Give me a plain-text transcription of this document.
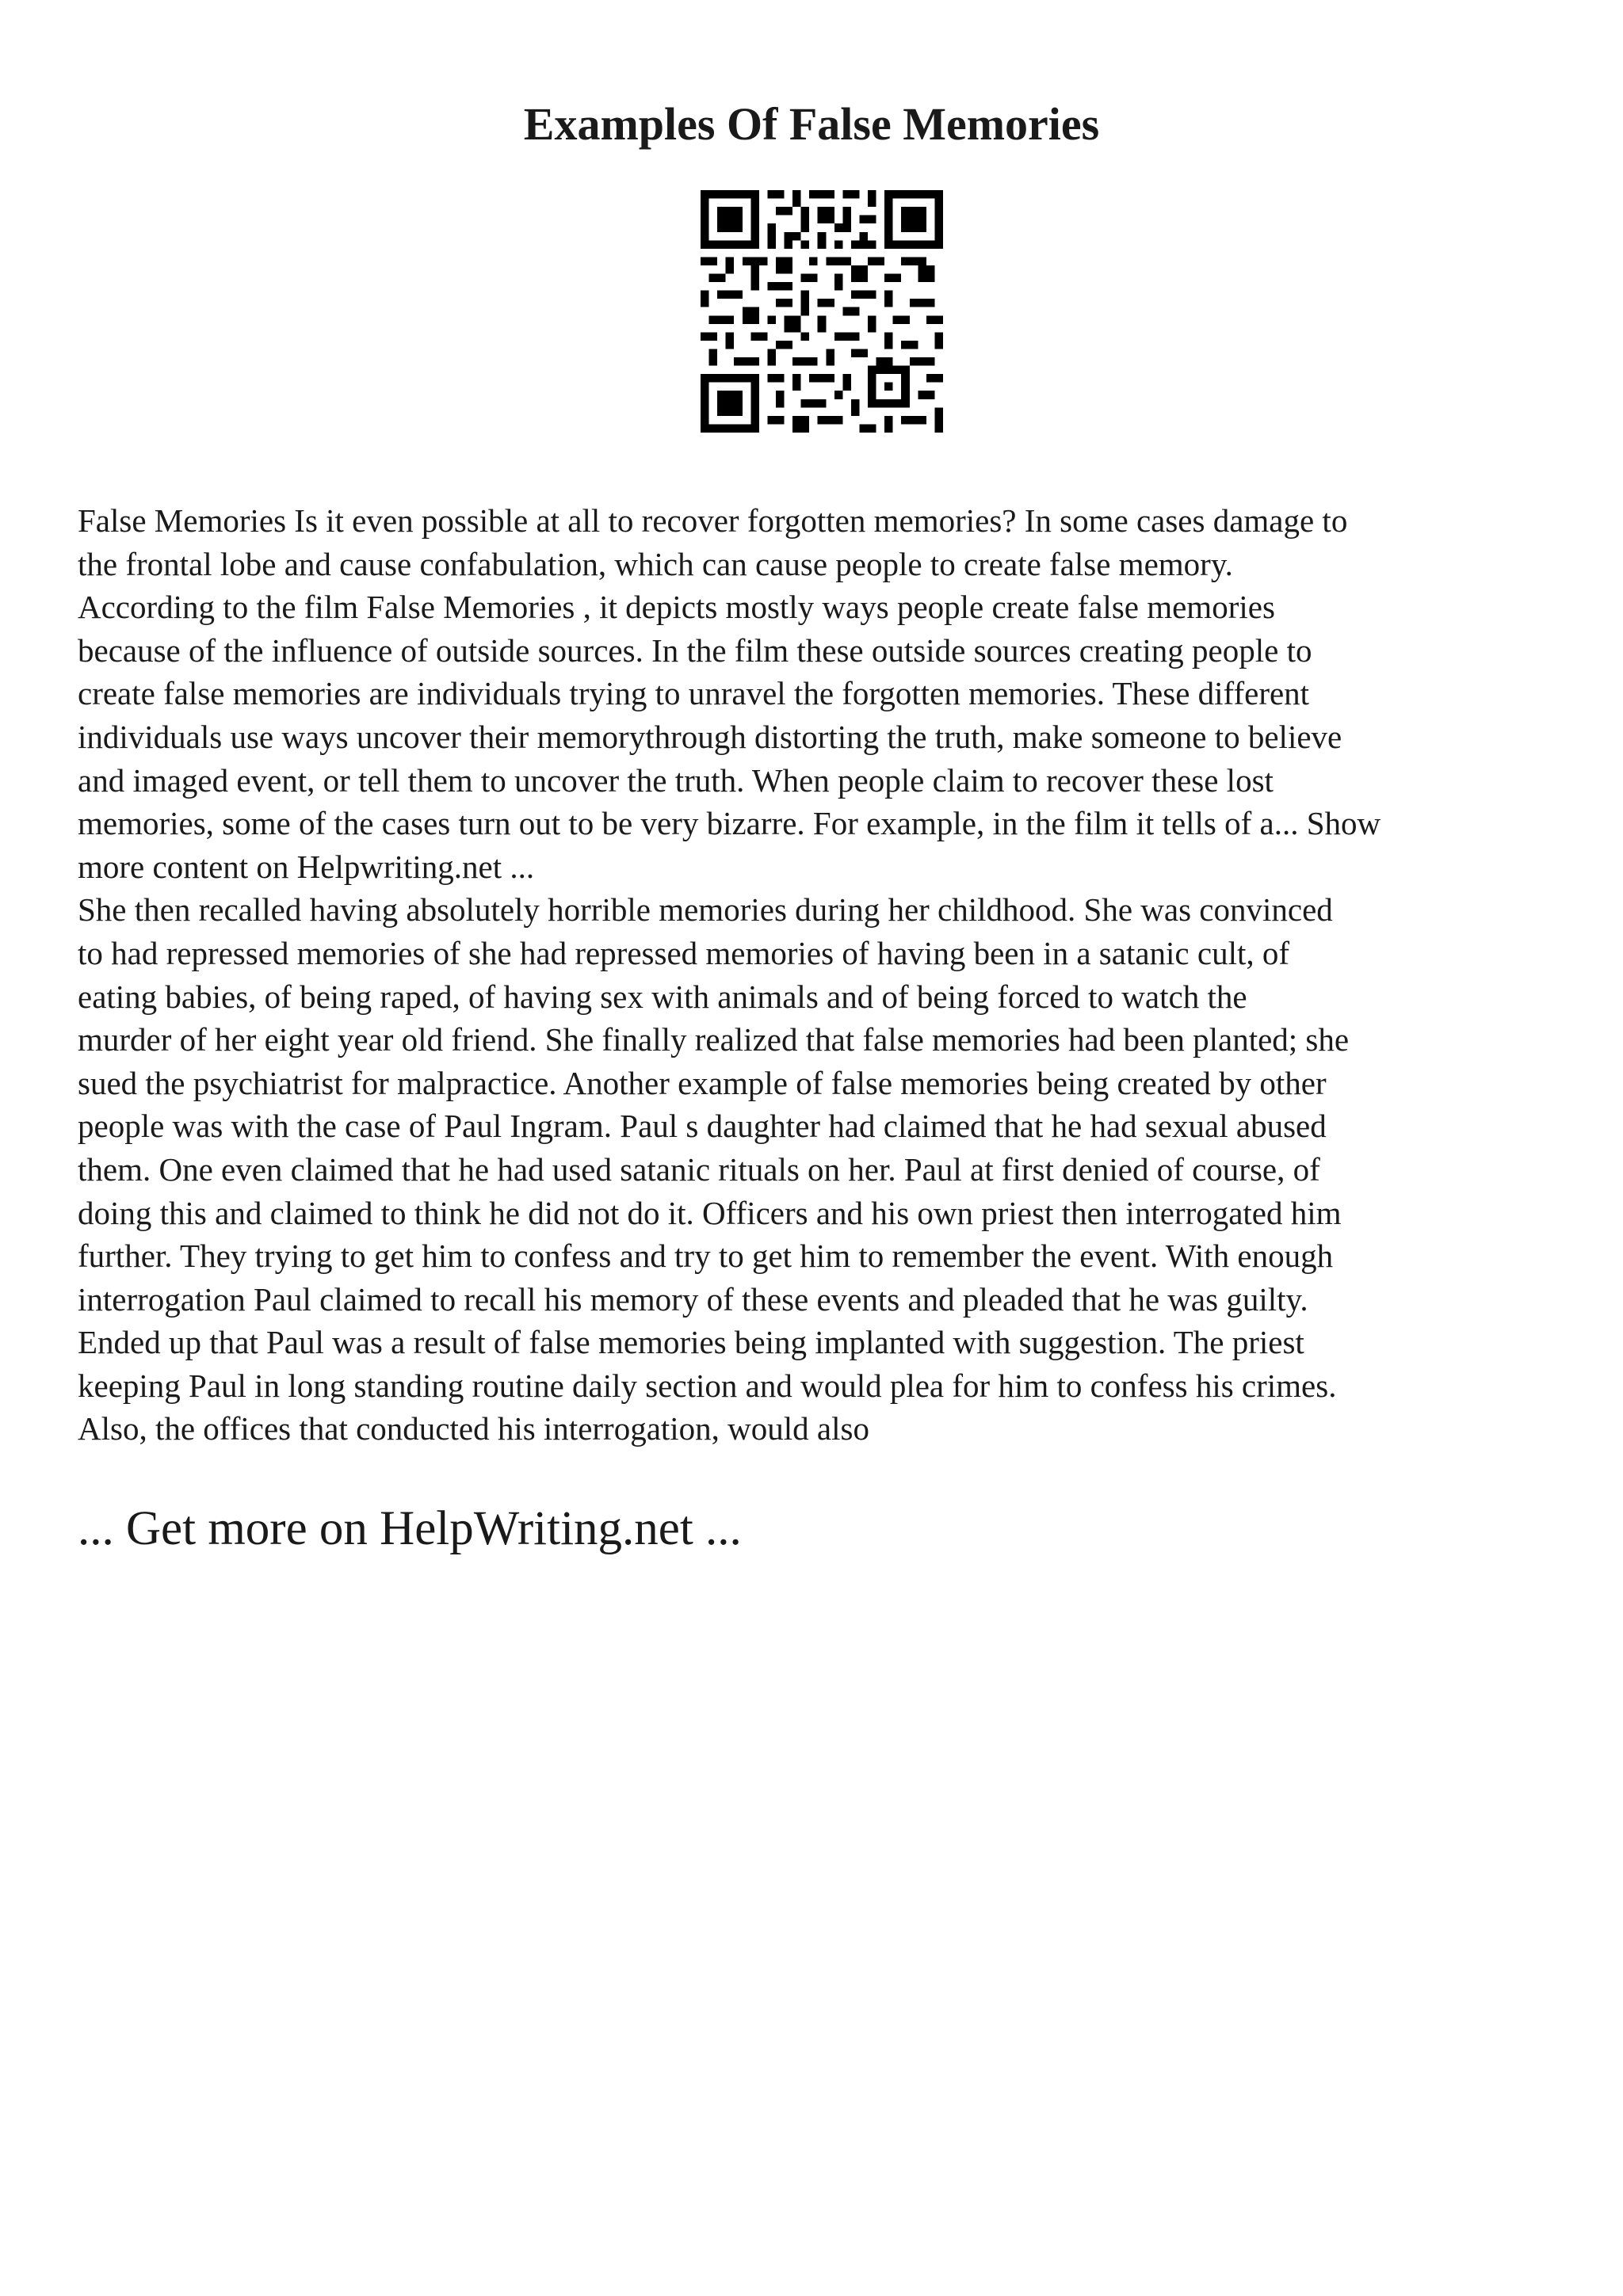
Examples Of False Memories

False Memories Is it even possible at all to recover forgotten memories? In some cases damage to
the frontal lobe and cause confabulation, which can cause people to create false memory.
According to the film False Memories , it depicts mostly ways people create false memories
because of the influence of outside sources. In the film these outside sources creating people to
create false memories are individuals trying to unravel the forgotten memories. These different
individuals use ways uncover their memorythrough distorting the truth, make someone to believe
and imaged event, or tell them to uncover the truth. When people claim to recover these lost
memories, some of the cases turn out to be very bizarre. For example, in the film it tells of a... Show
more content on Helpwriting.net ...
She then recalled having absolutely horrible memories during her childhood. She was convinced
to had repressed memories of she had repressed memories of having been in a satanic cult, of
eating babies, of being raped, of having sex with animals and of being forced to watch the
murder of her eight year old friend. She finally realized that false memories had been planted; she
sued the psychiatrist for malpractice. Another example of false memories being created by other
people was with the case of Paul Ingram. Paul s daughter had claimed that he had sexual abused
them. One even claimed that he had used satanic rituals on her. Paul at first denied of course, of
doing this and claimed to think he did not do it. Officers and his own priest then interrogated him
further. They trying to get him to confess and try to get him to remember the event. With enough
interrogation Paul claimed to recall his memory of these events and pleaded that he was guilty.
Ended up that Paul was a result of false memories being implanted with suggestion. The priest
keeping Paul in long standing routine daily section and would plea for him to confess his crimes.
Also, the offices that conducted his interrogation, would also

... Get more on HelpWriting.net ...
